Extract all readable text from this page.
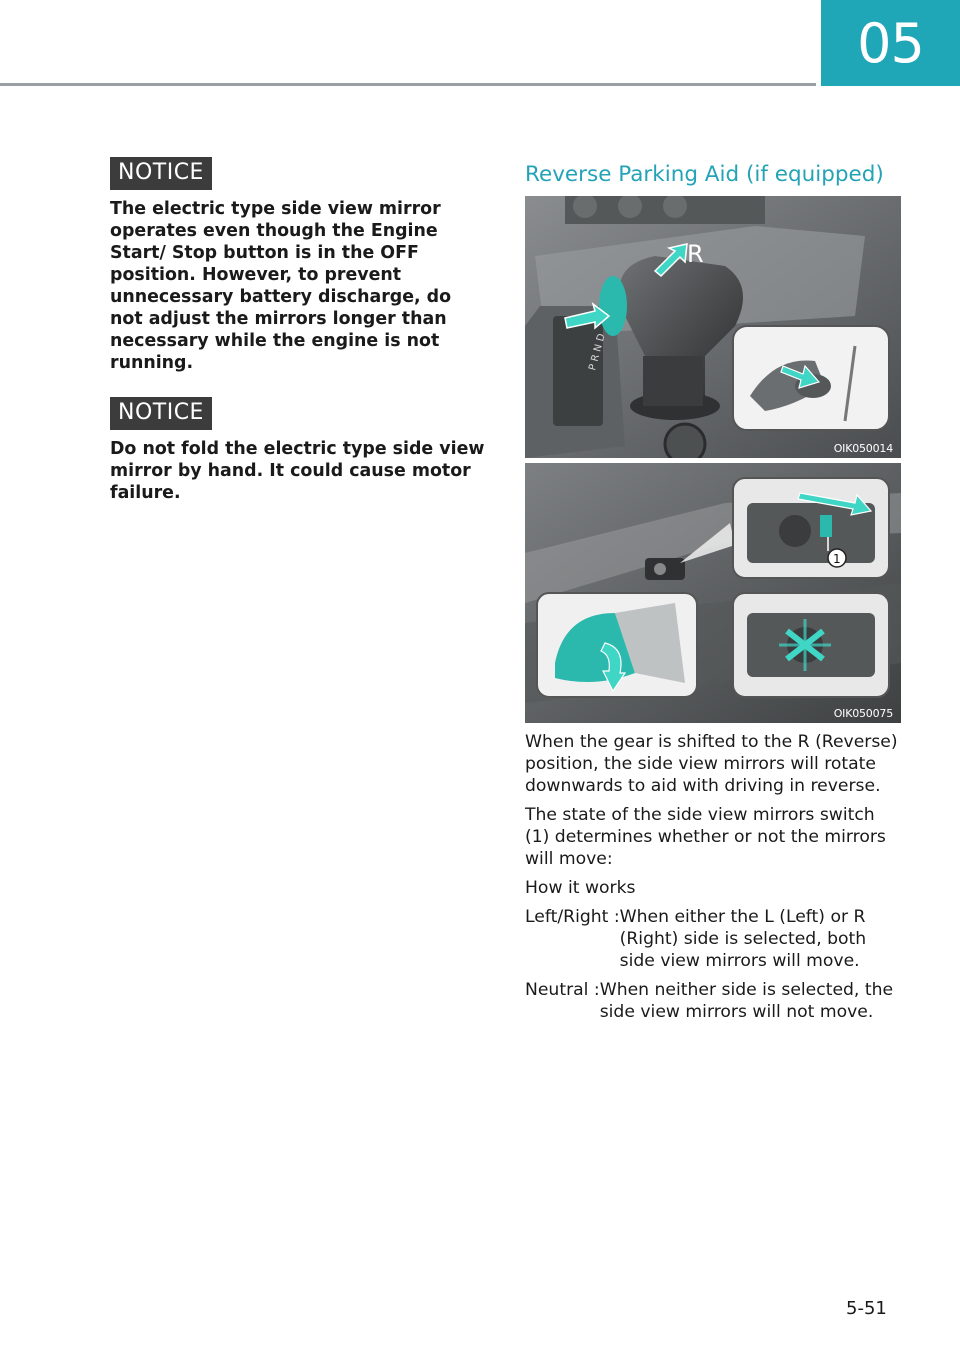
05
NOTICE

The electric type side view mirror operates even though the Engine Start/ Stop button is in the OFF position. However, to prevent unnecessary battery discharge, do not adjust the mirrors longer than necessary while the engine is not running.

NOTICE

Do not fold the electric type side view mirror by hand. It could cause motor failure.

Reverse Parking Aid (if equipped)
P R N D
R
OIK050014
1
OIK050075

When the gear is shifted to the R (Reverse) position, the side view mirrors will rotate downwards to aid with driving in reverse.

The state of the side view mirrors switch (1) determines whether or not the mirrors will move:

How it works

Left/Right : When either the L (Left) or R (Right) side is selected, both side view mirrors will move.
Neutral : When neither side is selected, the side view mirrors will not move.
5-51
